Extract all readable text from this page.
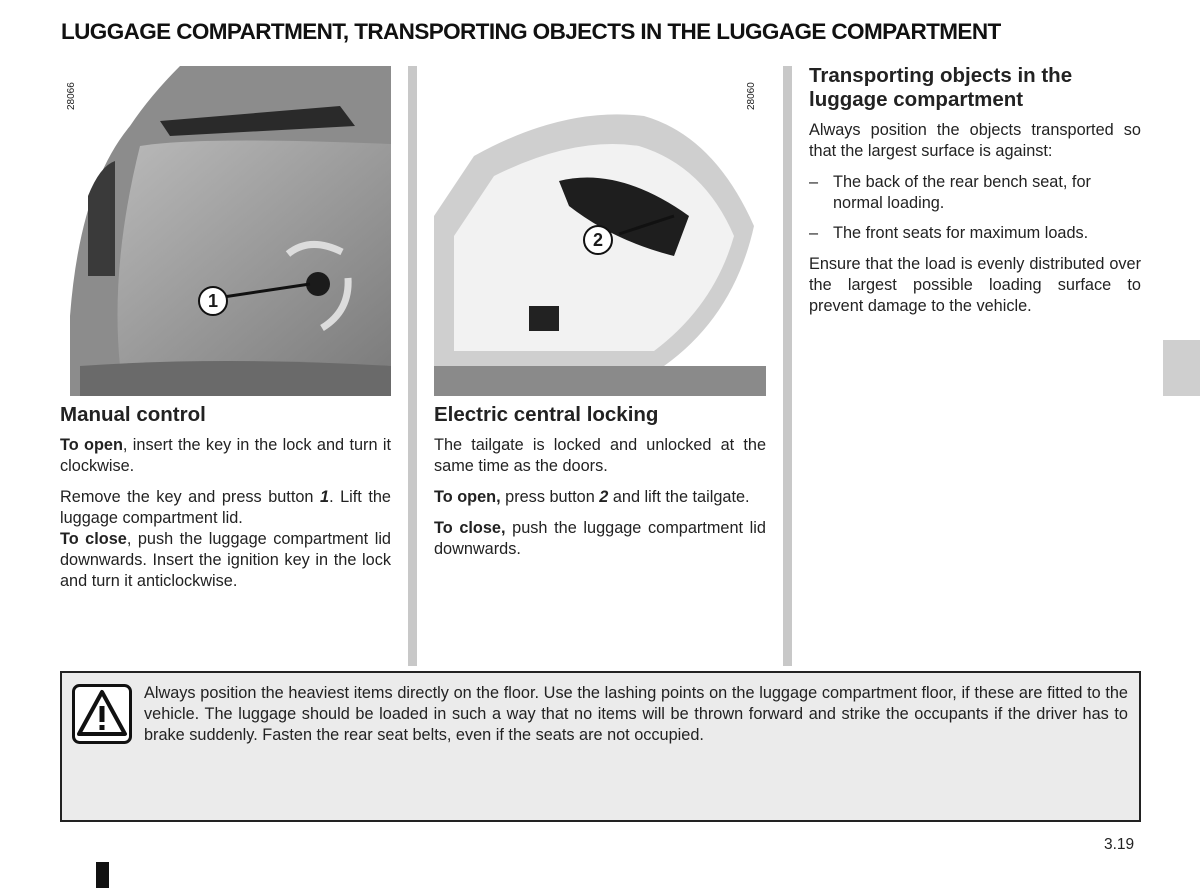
LUGGAGE COMPARTMENT, TRANSPORTING OBJECTS IN THE LUGGAGE COMPARTMENT
28066
1
Manual control

To open, insert the key in the lock and turn it clockwise.

Remove the key and press button 1. Lift the luggage compartment lid.

To close, push the luggage compartment lid downwards. Insert the ignition key in the lock and turn it anticlockwise.

28060
2
Electric central locking

The tailgate is locked and unlocked at the same time as the doors.

To open, press button 2 and lift the tailgate.

To close, push the luggage compartment lid downwards.

Transporting objects in the luggage compartment

Always position the objects transported so that the largest surface is against:

– The back of the rear bench seat, for normal loading.
– The front seats for maximum loads.

Ensure that the load is evenly distributed over the largest possible loading surface to prevent damage to the vehicle.

Always position the heaviest items directly on the floor. Use the lashing points on the luggage compartment floor, if these are fitted to the vehicle. The luggage should be loaded in such a way that no items will be thrown forward and strike the occupants if the driver has to brake suddenly. Fasten the rear seat belts, even if the seats are not occupied.

3.19
